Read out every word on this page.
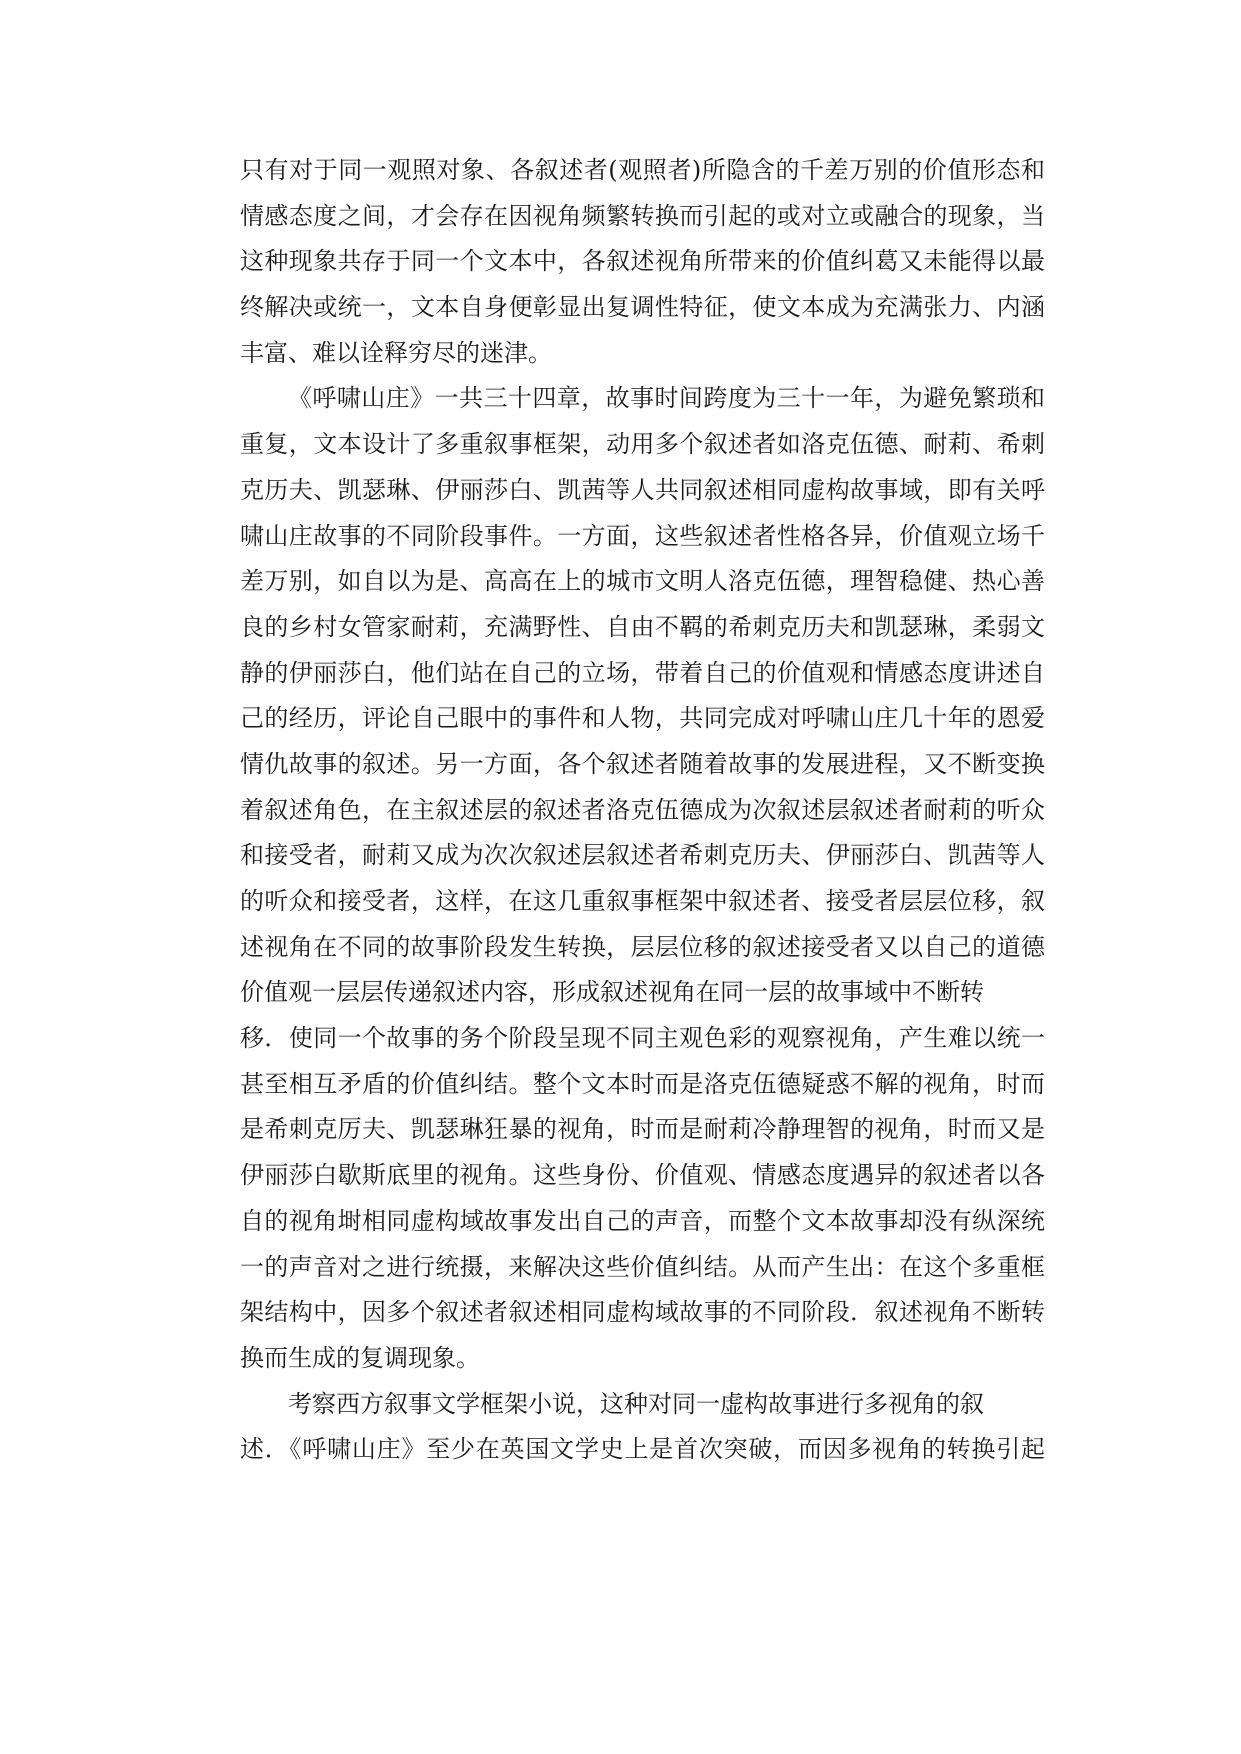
只有对于同一观照对象、各叙述者(观照者)所隐含的千差万别的价值形态和
情感态度之间，才会存在因视角频繁转换而引起的或对立或融合的现象，当
这种现象共存于同一个文本中，各叙述视角所带来的价值纠葛又未能得以最
终解决或统一，文本自身便彰显出复调性特征，使文本成为充满张力、内涵
丰富、难以诠释穷尽的迷津。
《呼啸山庄》一共三十四章，故事时间跨度为三十一年，为避免繁琐和
重复，文本设计了多重叙事框架，动用多个叙述者如洛克伍德、耐莉、希刺
克历夫、凯瑟琳、伊丽莎白、凯茜等人共同叙述相同虚构故事域，即有关呼
啸山庄故事的不同阶段事件。一方面，这些叙述者性格各异，价值观立场千
差万别，如自以为是、高高在上的城市文明人洛克伍德，理智稳健、热心善
良的乡村女管家耐莉，充满野性、自由不羁的希刺克历夫和凯瑟琳，柔弱文
静的伊丽莎白，他们站在自己的立场，带着自己的价值观和情感态度讲述自
己的经历，评论自己眼中的事件和人物，共同完成对呼啸山庄几十年的恩爱
情仇故事的叙述。另一方面，各个叙述者随着故事的发展进程，又不断变换
着叙述角色，在主叙述层的叙述者洛克伍德成为次叙述层叙述者耐莉的听众
和接受者，耐莉又成为次次叙述层叙述者希刺克历夫、伊丽莎白、凯茜等人
的听众和接受者，这样，在这几重叙事框架中叙述者、接受者层层位移，叙
述视角在不同的故事阶段发生转换，层层位移的叙述接受者又以自己的道德
价值观一层层传递叙述内容，形成叙述视角在同一层的故事域中不断转
移．使同一个故事的务个阶段呈现不同主观色彩的观察视角，产生难以统一
甚至相互矛盾的价值纠结。整个文本时而是洛克伍德疑惑不解的视角，时而
是希刺克厉夫、凯瑟琳狂暴的视角，时而是耐莉冷静理智的视角，时而又是
伊丽莎白歇斯底里的视角。这些身份、价值观、情感态度遇异的叙述者以各
自的视角埘相同虚构域故事发出自己的声音，而整个文本故事却没有纵深统
一的声音对之进行统摄，来解决这些价值纠结。从而产生出：在这个多重框
架结构中，因多个叙述者叙述相同虚构域故事的不同阶段．叙述视角不断转
换而生成的复调现象。
考察西方叙事文学框架小说，这种对同一虚构故事进行多视角的叙
述．《呼啸山庄》至少在英国文学史上是首次突破，而因多视角的转换引起
